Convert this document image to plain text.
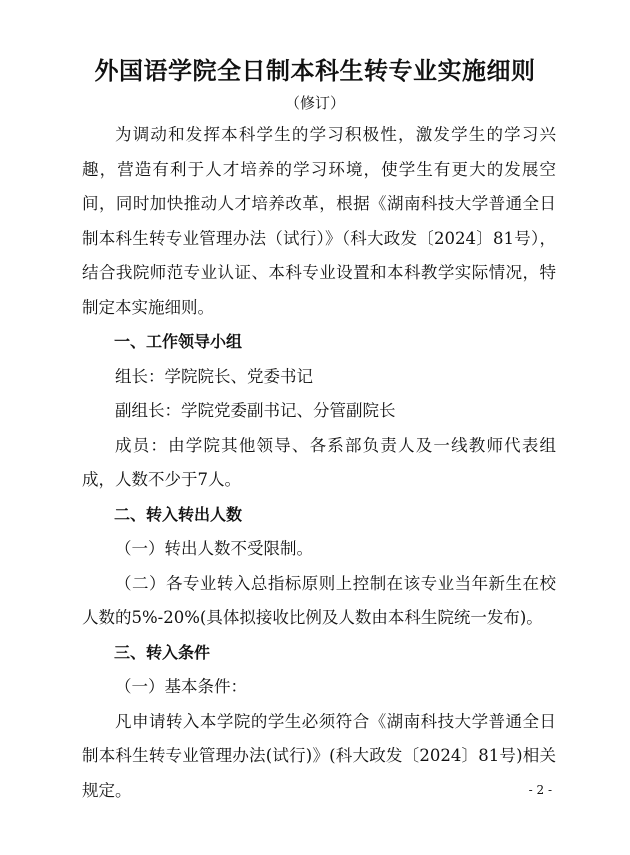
外国语学院全日制本科生转专业实施细则
（修订）

为调动和发挥本科学生的学习积极性，激发学生的学习兴趣，营造有利于人才培养的学习环境，使学生有更大的发展空间，同时加快推动人才培养改革，根据《湖南科技大学普通全日制本科生转专业管理办法（试行）》（科大政发〔2024〕81号），结合我院师范专业认证、本科专业设置和本科教学实际情况，特制定本实施细则。

一、工作领导小组

组长：学院院长、党委书记

副组长：学院党委副书记、分管副院长

成员：由学院其他领导、各系部负责人及一线教师代表组成，人数不少于7人。

二、转入转出人数

（一）转出人数不受限制。

（二）各专业转入总指标原则上控制在该专业当年新生在校人数的5%-20%(具体拟接收比例及人数由本科生院统一发布)。

三、转入条件

（一）基本条件：

凡申请转入本学院的学生必须符合《湖南科技大学普通全日制本科生转专业管理办法(试行)》(科大政发〔2024〕81号)相关规定。	- 2 -
